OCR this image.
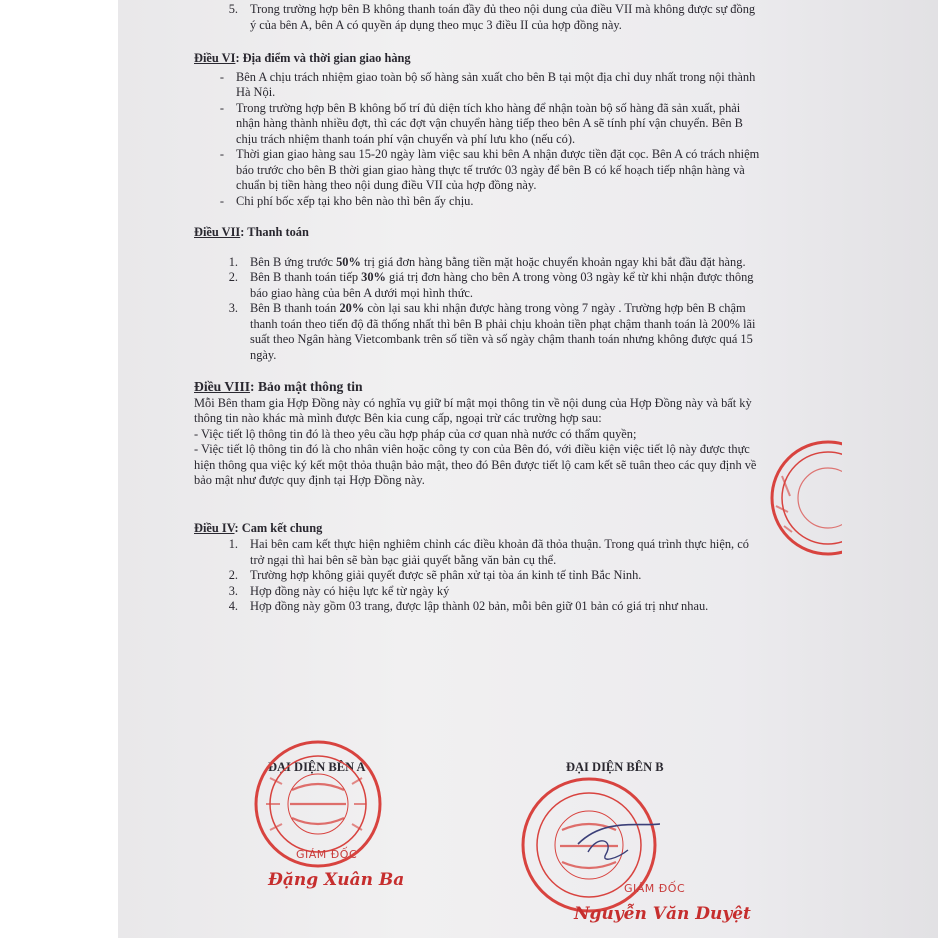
5. Trong trường hợp bên B không thanh toán đầy đủ theo nội dung của điều VII mà không được sự đồng ý của bên A, bên A có quyền áp dụng theo mục 3 điều II của hợp đồng này.
Điều VI: Địa điểm và thời gian giao hàng
- Bên A chịu trách nhiệm giao toàn bộ số hàng sản xuất cho bên B tại một địa chỉ duy nhất trong nội thành Hà Nội.
- Trong trường hợp bên B không bố trí đủ diện tích kho hàng để nhận toàn bộ số hàng đã sản xuất, phải nhận hàng thành nhiều đợt, thì các đợt vận chuyển hàng tiếp theo bên A sẽ tính phí vận chuyển. Bên B chịu trách nhiệm thanh toán phí vận chuyển và phí lưu kho (nếu có).
- Thời gian giao hàng sau 15-20 ngày làm việc sau khi bên A nhận được tiền đặt cọc. Bên A có trách nhiệm báo trước cho bên B thời gian giao hàng thực tế trước 03 ngày để bên B có kế hoạch tiếp nhận hàng và chuẩn bị tiền hàng theo nội dung điều VII của hợp đồng này.
- Chi phí bốc xếp tại kho bên nào thì bên ấy chịu.
Điều VII: Thanh toán
1. Bên B ứng trước 50% trị giá đơn hàng bằng tiền mặt hoặc chuyển khoản ngay khi bắt đầu đặt hàng.
2. Bên B thanh toán tiếp 30% giá trị đơn hàng cho bên A trong vòng 03 ngày kể từ khi nhận được thông báo giao hàng của bên A dưới mọi hình thức.
3. Bên B thanh toán 20% còn lại sau khi nhận được hàng trong vòng 7 ngày . Trường hợp bên B chậm thanh toán theo tiến độ đã thống nhất thì bên B phải chịu khoản tiền phạt chậm thanh toán là 200% lãi suất theo Ngân hàng Vietcombank trên số tiền và số ngày chậm thanh toán nhưng không được quá 15 ngày.
Điều VIII: Bảo mật thông tin

Mỗi Bên tham gia Hợp Đồng này có nghĩa vụ giữ bí mật mọi thông tin về nội dung của Hợp Đồng này và bất kỳ thông tin nào khác mà mình được Bên kia cung cấp, ngoại trừ các trường hợp sau:

- Việc tiết lộ thông tin đó là theo yêu cầu hợp pháp của cơ quan nhà nước có thẩm quyền;

- Việc tiết lộ thông tin đó là cho nhân viên hoặc công ty con của Bên đó, với điều kiện việc tiết lộ này được thực hiện thông qua việc ký kết một thỏa thuận bảo mật, theo đó Bên được tiết lộ cam kết sẽ tuân theo các quy định về bảo mật như được quy định tại Hợp Đồng này.

Điều IV: Cam kết chung
1. Hai bên cam kết thực hiện nghiêm chỉnh các điều khoản đã thỏa thuận. Trong quá trình thực hiện, có trở ngại thì hai bên sẽ bàn bạc giải quyết bằng văn bản cụ thể.
2. Trường hợp không giải quyết được sẽ phân xử tại tòa án kinh tế tỉnh Bắc Ninh.
3. Hợp đồng này có hiệu lực kể từ ngày ký
4. Hợp đồng này gồm 03 trang, được lập thành 02 bản, mỗi bên giữ 01 bản có giá trị như nhau.
ĐẠI DIỆN BÊN A
GIÁM ĐỐC
Đặng Xuân Ba
ĐẠI DIỆN BÊN B
GIÁM ĐỐC
Nguyễn Văn Duyệt
